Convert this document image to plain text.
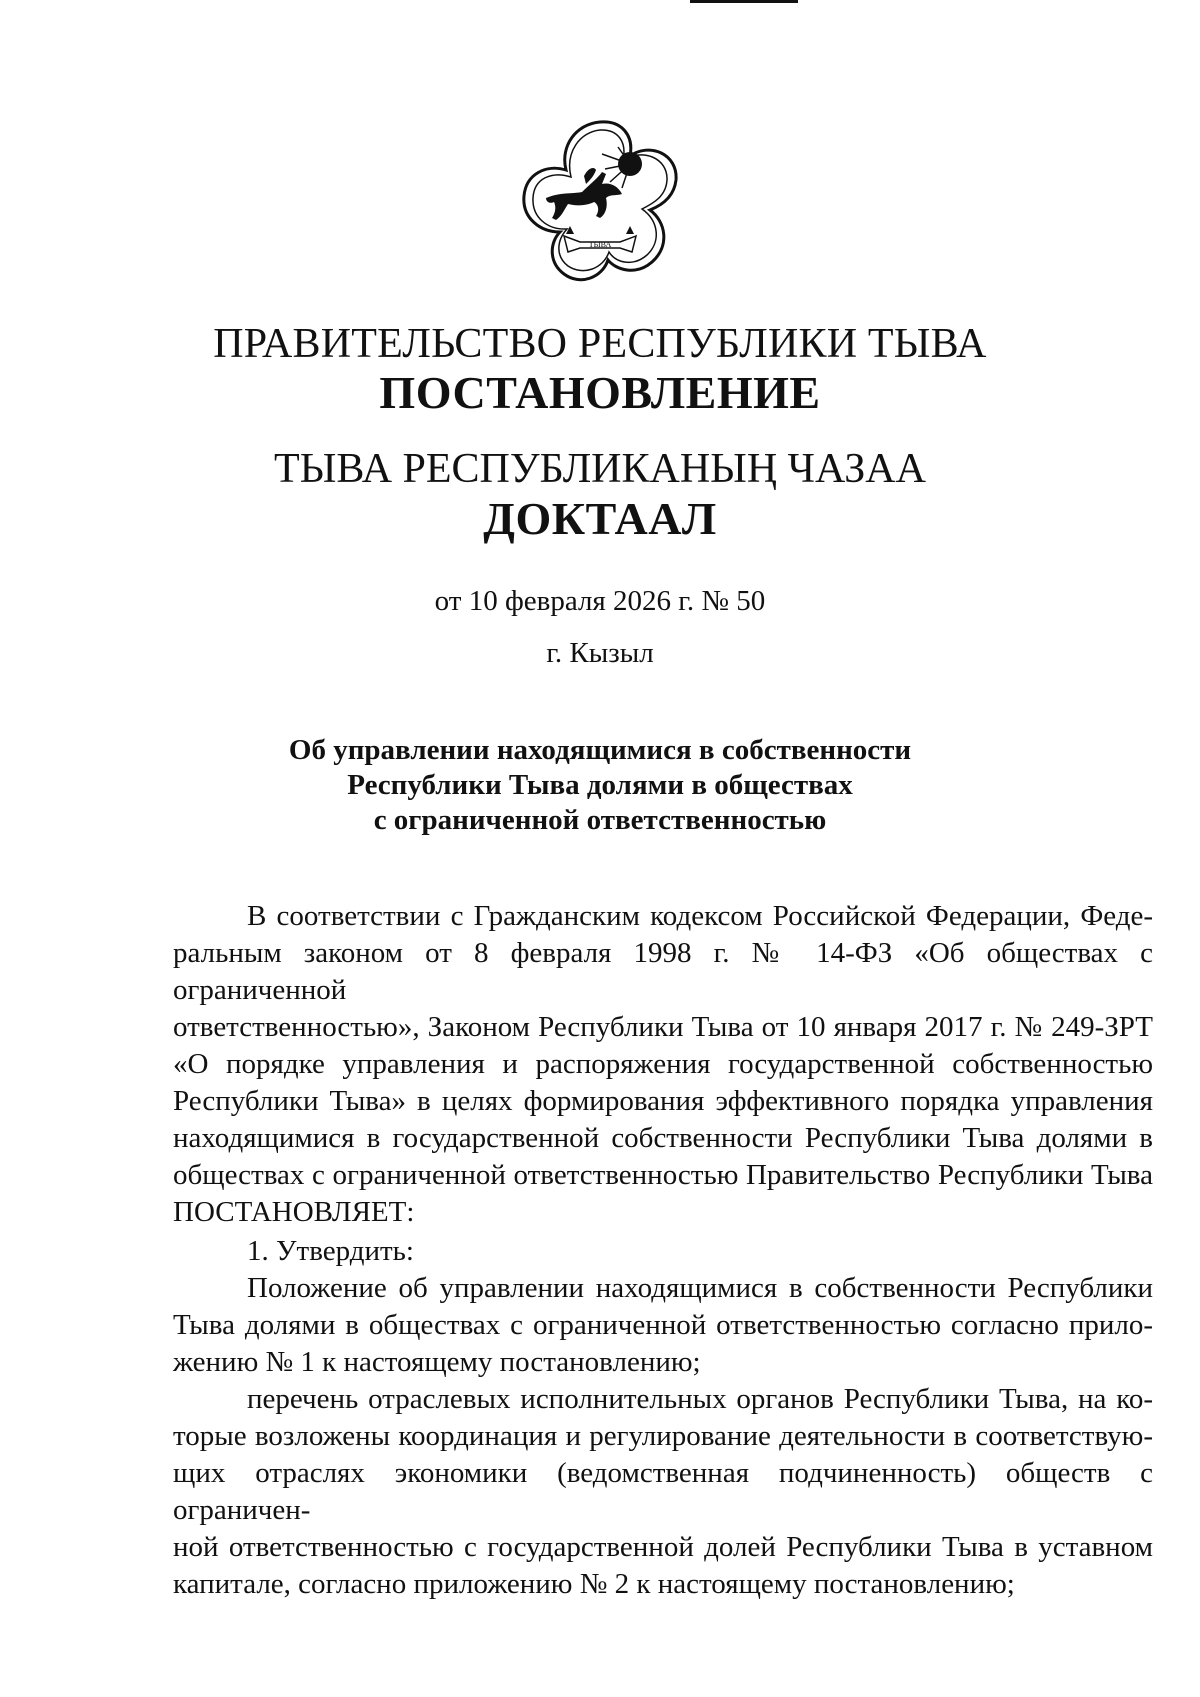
ТЫВА
ПРАВИТЕЛЬСТВО РЕСПУБЛИКИ ТЫВА
ПОСТАНОВЛЕНИЕ
ТЫВА РЕСПУБЛИКАНЫҢ ЧАЗАА
ДОКТААЛ
от 10 февраля 2026 г. № 50
г. Кызыл
Об управлении находящимися в собственности
Республики Тыва долями в обществах
с ограниченной ответственностью
В соответствии с Гражданским кодексом Российской Федерации, Феде-
ральным законом от 8 февраля 1998 г. № 14-ФЗ «Об обществах с ограниченной
ответственностью», Законом Республики Тыва от 10 января 2017 г. № 249-ЗРТ
«О порядке управления и распоряжения государственной собственностью
Республики Тыва» в целях формирования эффективного порядка управления
находящимися в государственной собственности Республики Тыва долями в
обществах с ограниченной ответственностью Правительство Республики Тыва
ПОСТАНОВЛЯЕТ:
1. Утвердить:
Положение об управлении находящимися в собственности Республики
Тыва долями в обществах с ограниченной ответственностью согласно прило-
жению № 1 к настоящему постановлению;
перечень отраслевых исполнительных органов Республики Тыва, на ко-
торые возложены координация и регулирование деятельности в соответствую-
щих отраслях экономики (ведомственная подчиненность) обществ с ограничен-
ной ответственностью с государственной долей Республики Тыва в уставном
капитале, согласно приложению № 2 к настоящему постановлению;
